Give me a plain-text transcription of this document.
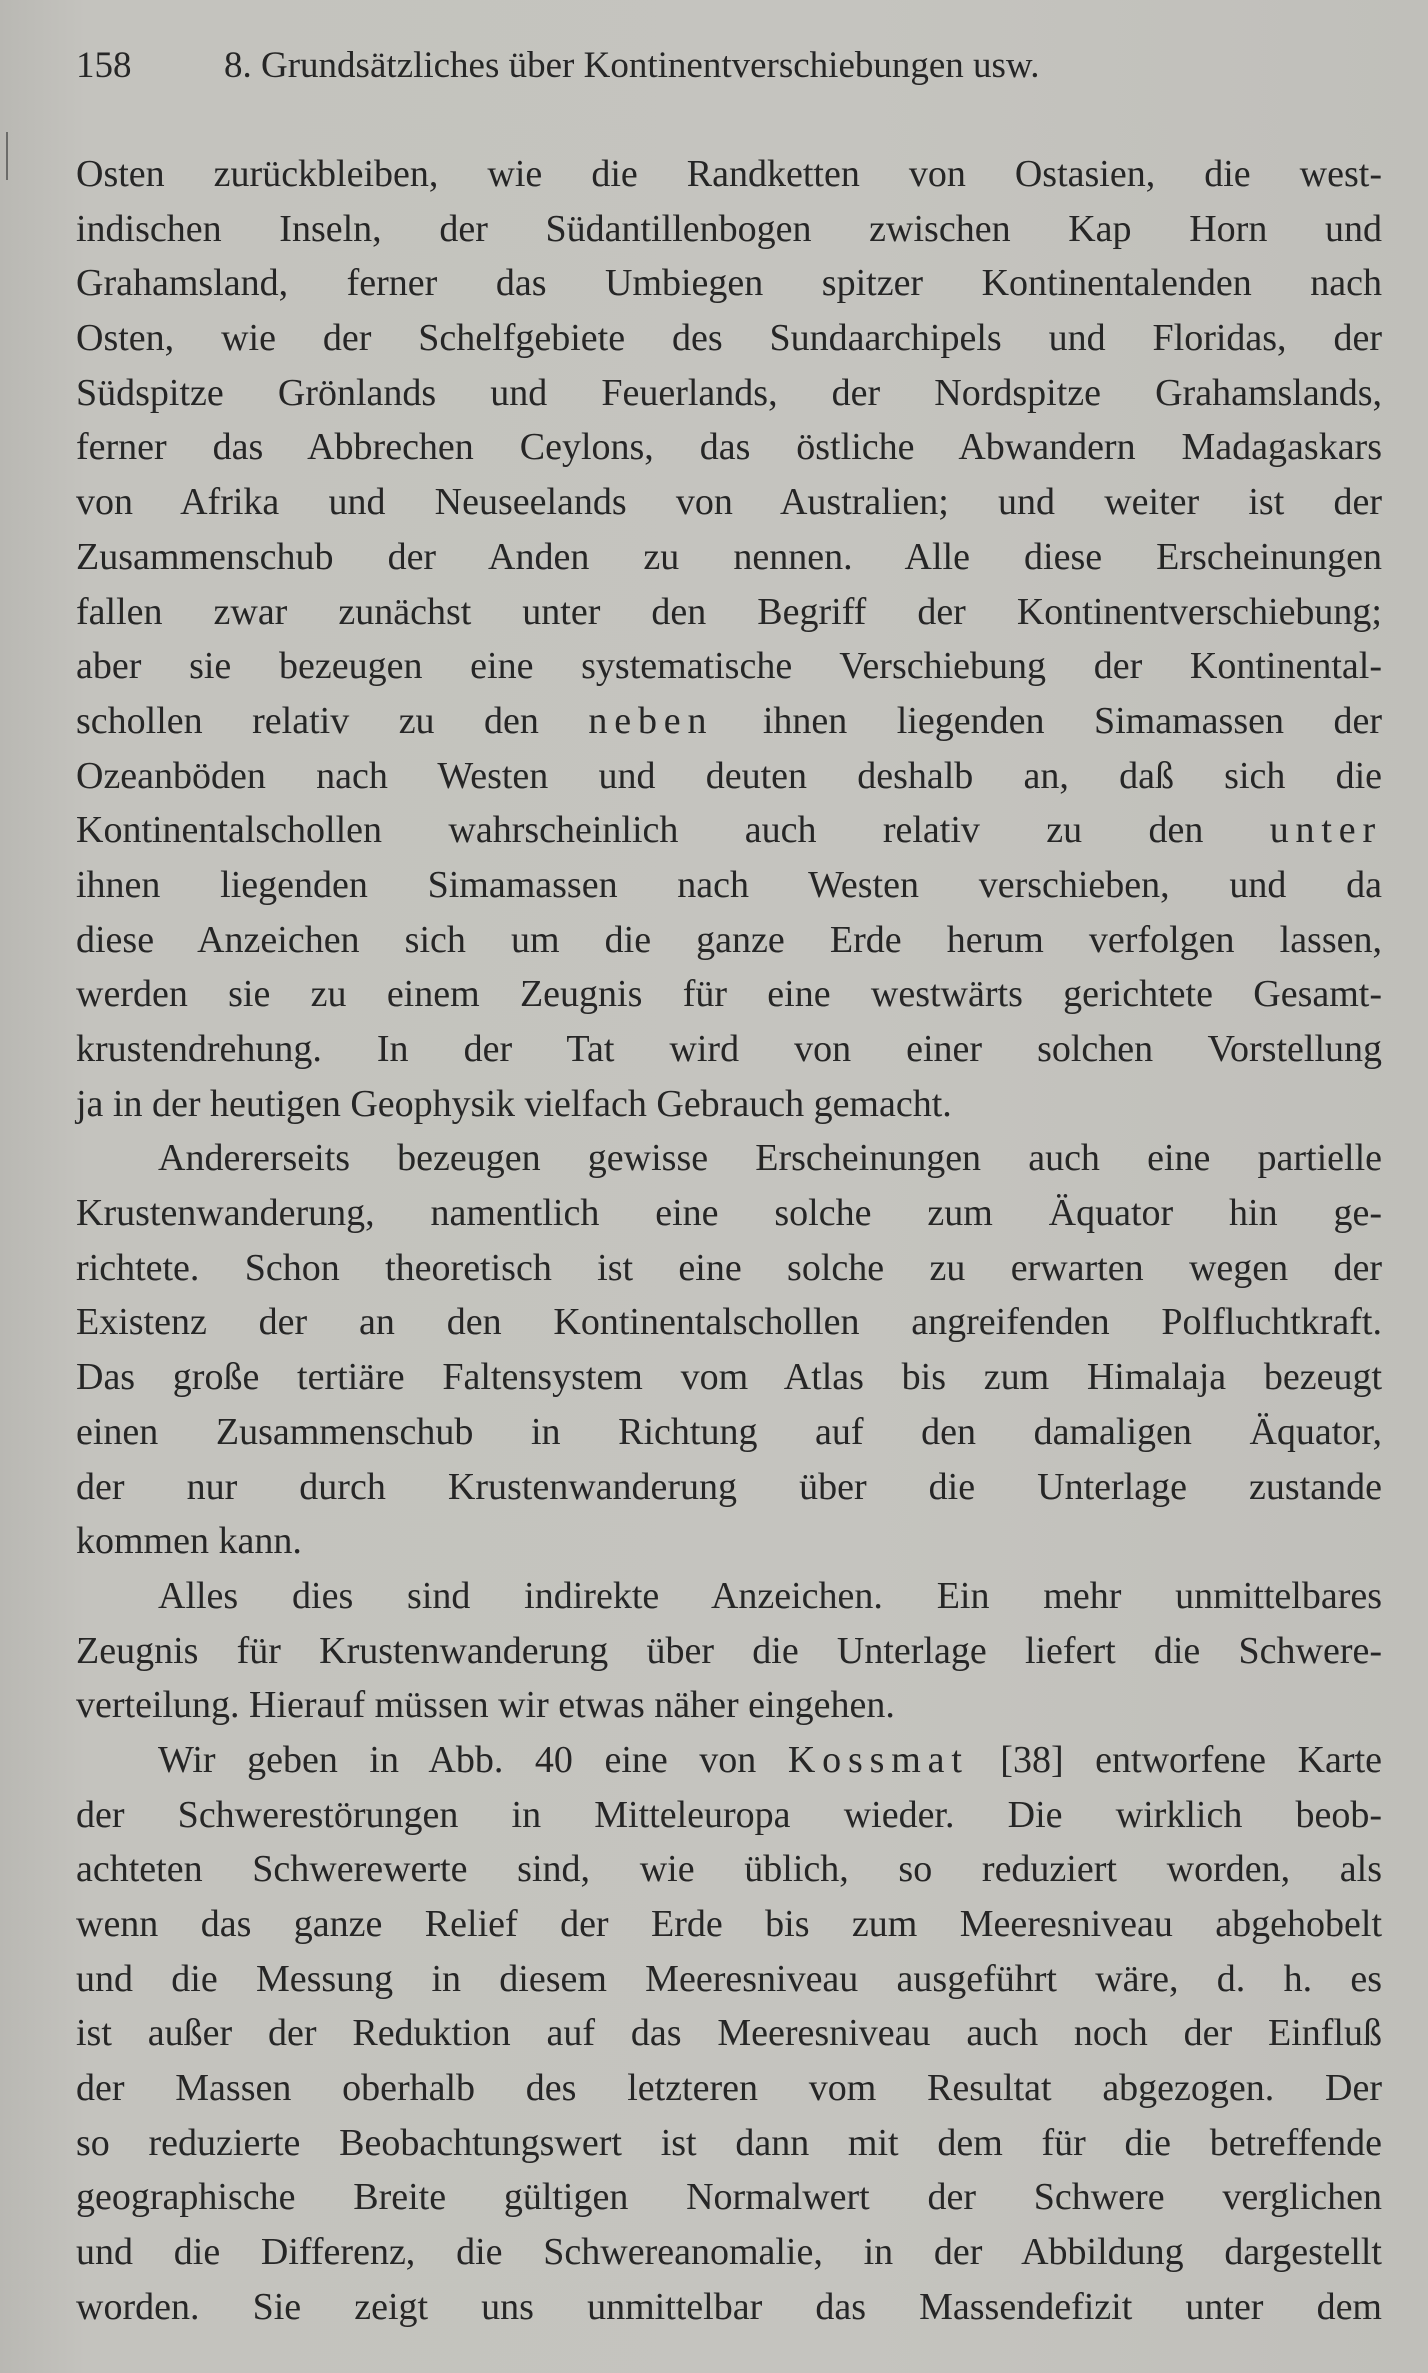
158	8. Grundsätzliches über Kontinentverschiebungen usw.
Osten zurückbleiben, wie die Randketten von Ostasien, die west-
indischen Inseln, der Südantillenbogen zwischen Kap Horn und
Grahamsland, ferner das Umbiegen spitzer Kontinentalenden nach
Osten, wie der Schelfgebiete des Sundaarchipels und Floridas, der
Südspitze Grönlands und Feuerlands, der Nordspitze Grahamslands,
ferner das Abbrechen Ceylons, das östliche Abwandern Madagaskars
von Afrika und Neuseelands von Australien; und weiter ist der
Zusammenschub der Anden zu nennen. Alle diese Erscheinungen
fallen zwar zunächst unter den Begriff der Kontinentverschiebung;
aber sie bezeugen eine systematische Verschiebung der Kontinental-
schollen relativ zu den neben ihnen liegenden Simamassen der
Ozeanböden nach Westen und deuten deshalb an, daß sich die
Kontinentalschollen wahrscheinlich auch relativ zu den unter
ihnen liegenden Simamassen nach Westen verschieben, und da
diese Anzeichen sich um die ganze Erde herum verfolgen lassen,
werden sie zu einem Zeugnis für eine westwärts gerichtete Gesamt-
krustendrehung. In der Tat wird von einer solchen Vorstellung
ja in der heutigen Geophysik vielfach Gebrauch gemacht.
Andererseits bezeugen gewisse Erscheinungen auch eine partielle
Krustenwanderung, namentlich eine solche zum Äquator hin ge-
richtete. Schon theoretisch ist eine solche zu erwarten wegen der
Existenz der an den Kontinentalschollen angreifenden Polfluchtkraft.
Das große tertiäre Faltensystem vom Atlas bis zum Himalaja bezeugt
einen Zusammenschub in Richtung auf den damaligen Äquator,
der nur durch Krustenwanderung über die Unterlage zustande
kommen kann.
Alles dies sind indirekte Anzeichen. Ein mehr unmittelbares
Zeugnis für Krustenwanderung über die Unterlage liefert die Schwere-
verteilung. Hierauf müssen wir etwas näher eingehen.
Wir geben in Abb. 40 eine von Kossmat [38] entworfene Karte
der Schwerestörungen in Mitteleuropa wieder. Die wirklich beob-
achteten Schwerewerte sind, wie üblich, so reduziert worden, als
wenn das ganze Relief der Erde bis zum Meeresniveau abgehobelt
und die Messung in diesem Meeresniveau ausgeführt wäre, d. h. es
ist außer der Reduktion auf das Meeresniveau auch noch der Einfluß
der Massen oberhalb des letzteren vom Resultat abgezogen. Der
so reduzierte Beobachtungswert ist dann mit dem für die betreffende
geographische Breite gültigen Normalwert der Schwere verglichen
und die Differenz, die Schwereanomalie, in der Abbildung dargestellt
worden. Sie zeigt uns unmittelbar das Massendefizit unter dem
